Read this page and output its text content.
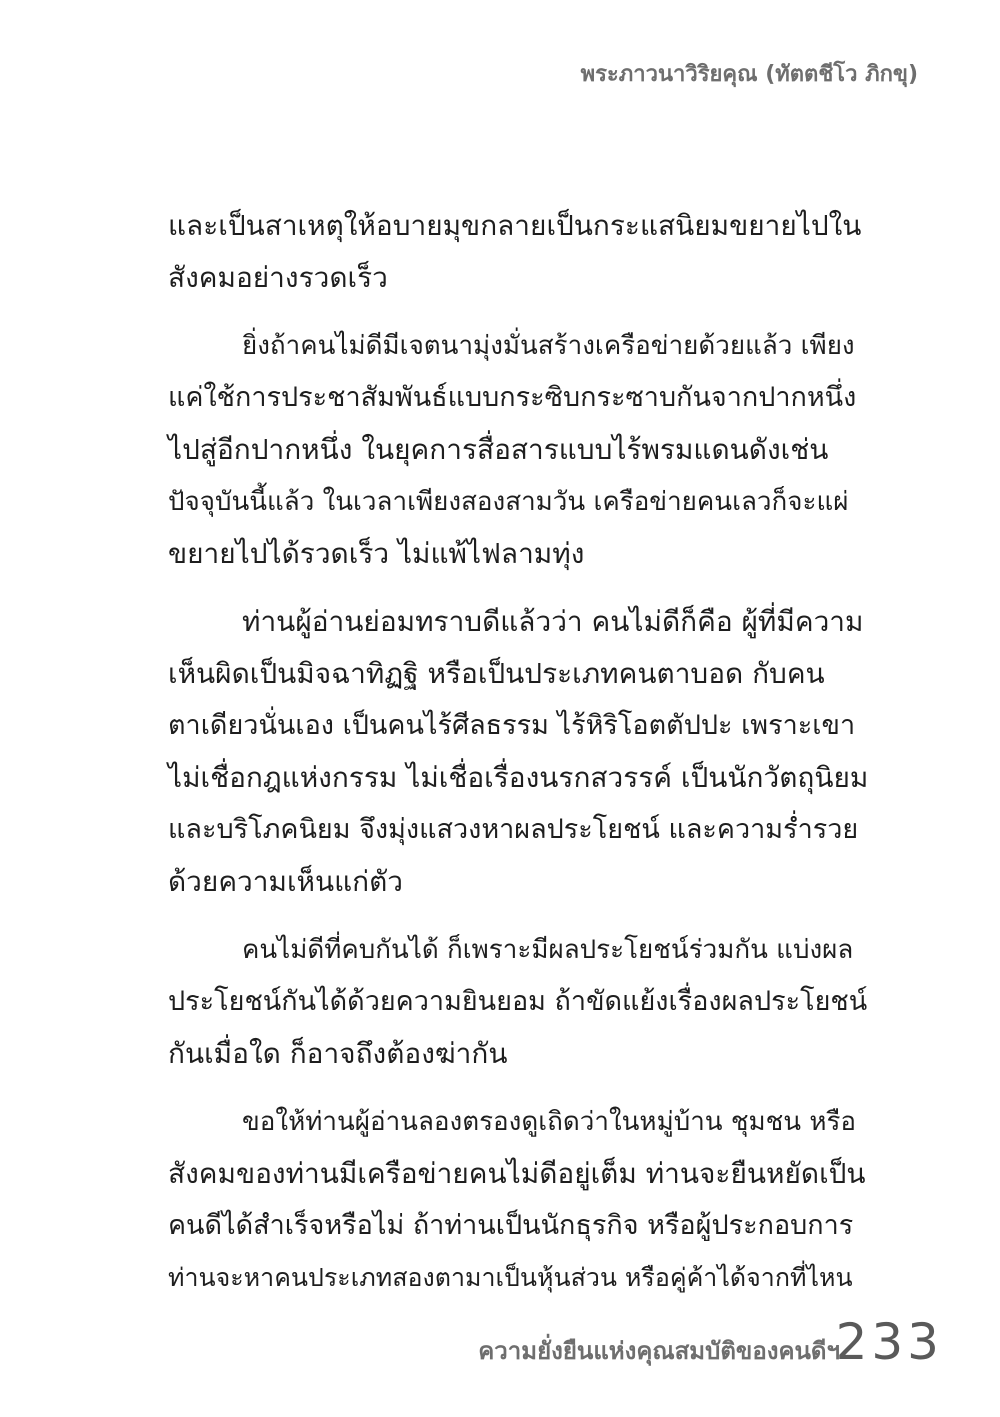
พระภาวนาวิริยคุณ (ทัตตชีโว ภิกขุ)
และเป็นสาเหตุให้อบายมุขกลายเป็นกระแสนิยมขยายไปใน
สังคมอย่างรวดเร็ว
ยิ่งถ้าคนไม่ดีมีเจตนามุ่งมั่นสร้างเครือข่ายด้วยแล้ว เพียง
แค่ใช้การประชาสัมพันธ์แบบกระซิบกระซาบกันจากปากหนึ่ง
ไปสู่อีกปากหนึ่ง ในยุคการสื่อสารแบบไร้พรมแดนดังเช่น
ปัจจุบันนี้แล้ว ในเวลาเพียงสองสามวัน เครือข่ายคนเลวก็จะแผ่
ขยายไปได้รวดเร็ว ไม่แพ้ไฟลามทุ่ง
ท่านผู้อ่านย่อมทราบดีแล้วว่า คนไม่ดีก็คือ ผู้ที่มีความ
เห็นผิดเป็นมิจฉาทิฏฐิ หรือเป็นประเภทคนตาบอด กับคน
ตาเดียวนั่นเอง เป็นคนไร้ศีลธรรม ไร้หิริโอตตัปปะ เพราะเขา
ไม่เชื่อกฎแห่งกรรม ไม่เชื่อเรื่องนรกสวรรค์ เป็นนักวัตถุนิยม
และบริโภคนิยม จึงมุ่งแสวงหาผลประโยชน์ และความร่ำรวย
ด้วยความเห็นแก่ตัว
คนไม่ดีที่คบกันได้ ก็เพราะมีผลประโยชน์ร่วมกัน แบ่งผล
ประโยชน์กันได้ด้วยความยินยอม ถ้าขัดแย้งเรื่องผลประโยชน์
กันเมื่อใด ก็อาจถึงต้องฆ่ากัน
ขอให้ท่านผู้อ่านลองตรองดูเถิดว่าในหมู่บ้าน ชุมชน หรือ
สังคมของท่านมีเครือข่ายคนไม่ดีอยู่เต็ม ท่านจะยืนหยัดเป็น
คนดีได้สำเร็จหรือไม่ ถ้าท่านเป็นนักธุรกิจ หรือผู้ประกอบการ
ท่านจะหาคนประเภทสองตามาเป็นหุ้นส่วน หรือคู่ค้าได้จากที่ไหน
ความยั่งยืนแห่งคุณสมบัติของคนดีฯ
233
